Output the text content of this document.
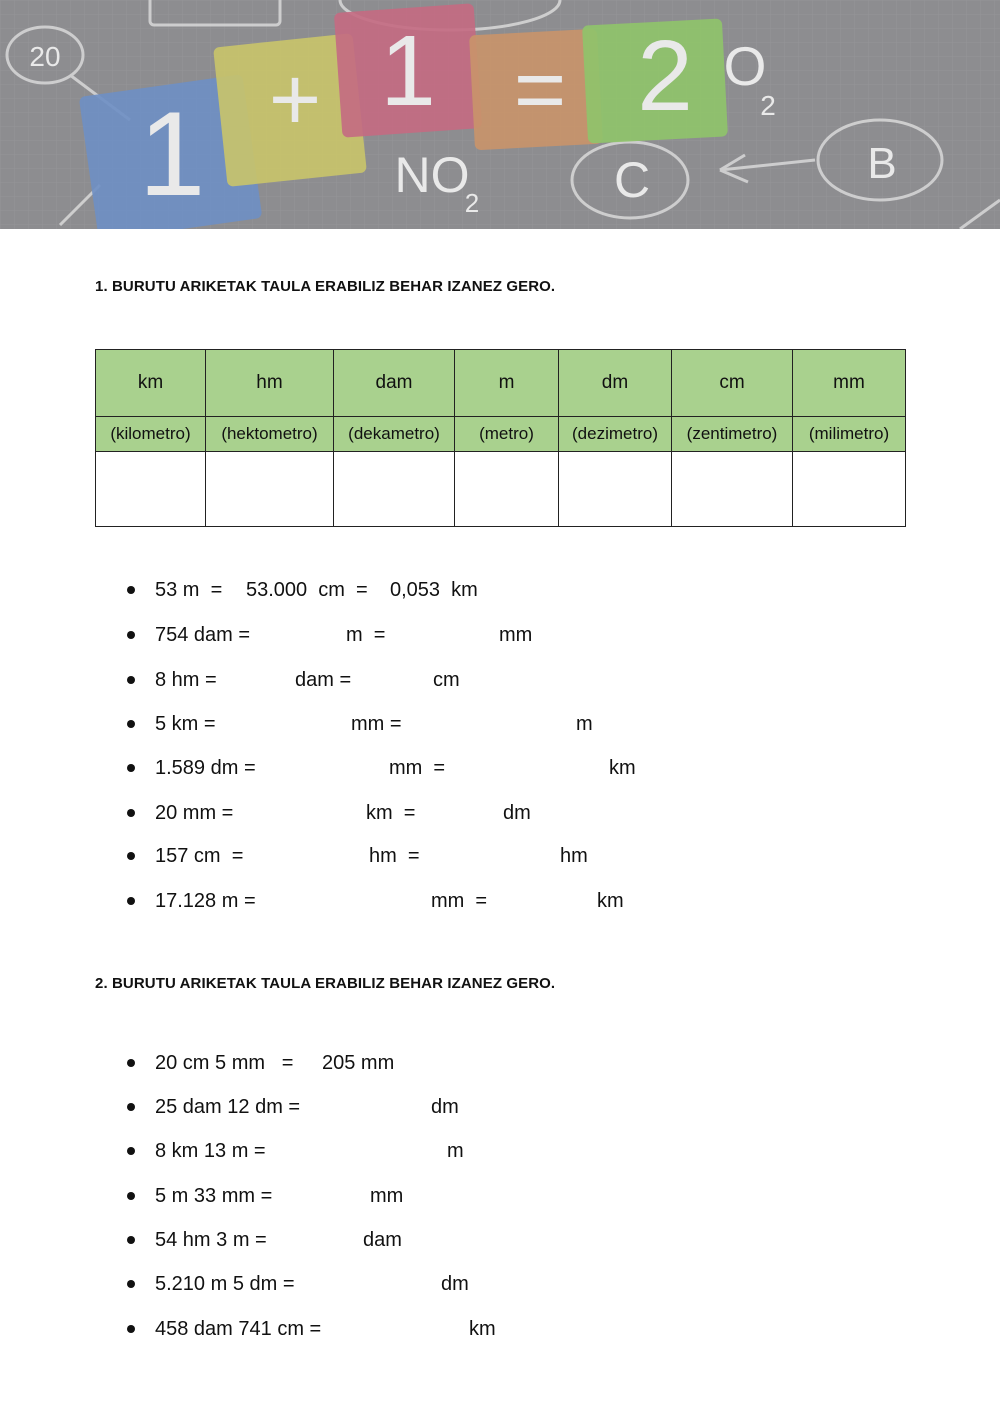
20
1 + 1 = 2 O
2
NO
2	C	B
1. BURUTU ARIKETAK TAULA ERABILIZ BEHAR IZANEZ GERO.
km	hm	dam	m	dm	cm	mm
(kilometro)	(hektometro)	(dekametro)	(metro)	(dezimetro)	(zentimetro)	(milimetro)

53 m  = 53.000  cm  = 0,053  km
754 dam =	m  =	mm
8 hm =	dam =	cm
5 km =	mm =	m
1.589 dm =	mm  =	km
20 mm =	km  =	dm
157 cm  =	hm  =	hm
17.128 m =	mm  =	km
2. BURUTU ARIKETAK TAULA ERABILIZ BEHAR IZANEZ GERO.
20 cm 5 mm   = 205 mm
25 dam 12 dm =	dm
8 km 13 m =	m
5 m 33 mm =	mm
54 hm 3 m =	dam
5.210 m 5 dm =	dm
458 dam 741 cm =	km
